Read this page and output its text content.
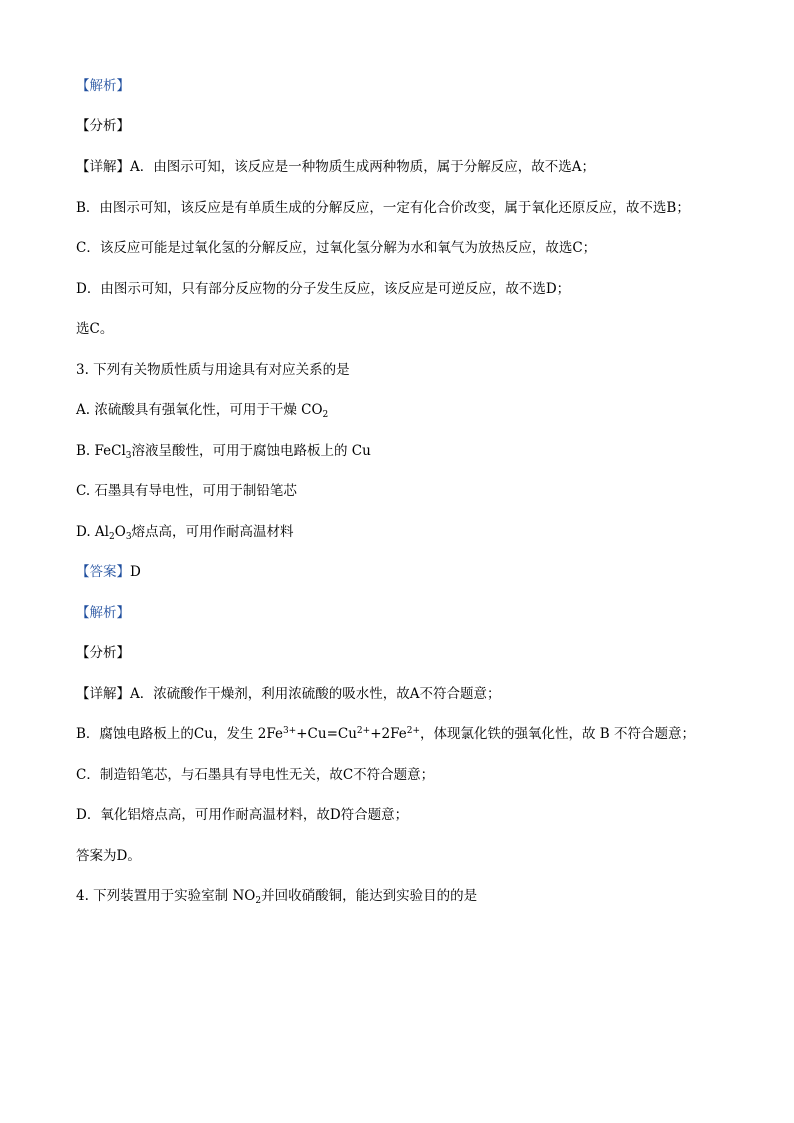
【解析】
【分析】
【详解】A．由图示可知，该反应是一种物质生成两种物质，属于分解反应，故不选A；
B．由图示可知，该反应是有单质生成的分解反应，一定有化合价改变，属于氧化还原反应，故不选B；
C．该反应可能是过氧化氢的分解反应，过氧化氢分解为水和氧气为放热反应，故选C；
D．由图示可知，只有部分反应物的分子发生反应，该反应是可逆反应，故不选D；
选C。
3. 下列有关物质性质与用途具有对应关系的是
A. 浓硫酸具有强氧化性，可用于干燥 $CO_2$
B. FeCl$_3$溶液呈酸性，可用于腐蚀电路板上的 Cu
C. 石墨具有导电性，可用于制铅笔芯
D. $Al_2O_3$熔点高，可用作耐高温材料
【答案】D
【解析】
【分析】
【详解】A．浓硫酸作干燥剂，利用浓硫酸的吸水性，故A不符合题意；
B．腐蚀电路板上的Cu，发生 $2Fe^{3+}+Cu=Cu^{2+}+2Fe^{2+}$，体现氯化铁的强氧化性，故 B 不符合题意；
C．制造铅笔芯，与石墨具有导电性无关，故C不符合题意；
D．氧化铝熔点高，可用作耐高温材料，故D符合题意；
答案为D。
4. 下列装置用于实验室制 $NO_2$并回收硝酸铜，能达到实验目的的是
